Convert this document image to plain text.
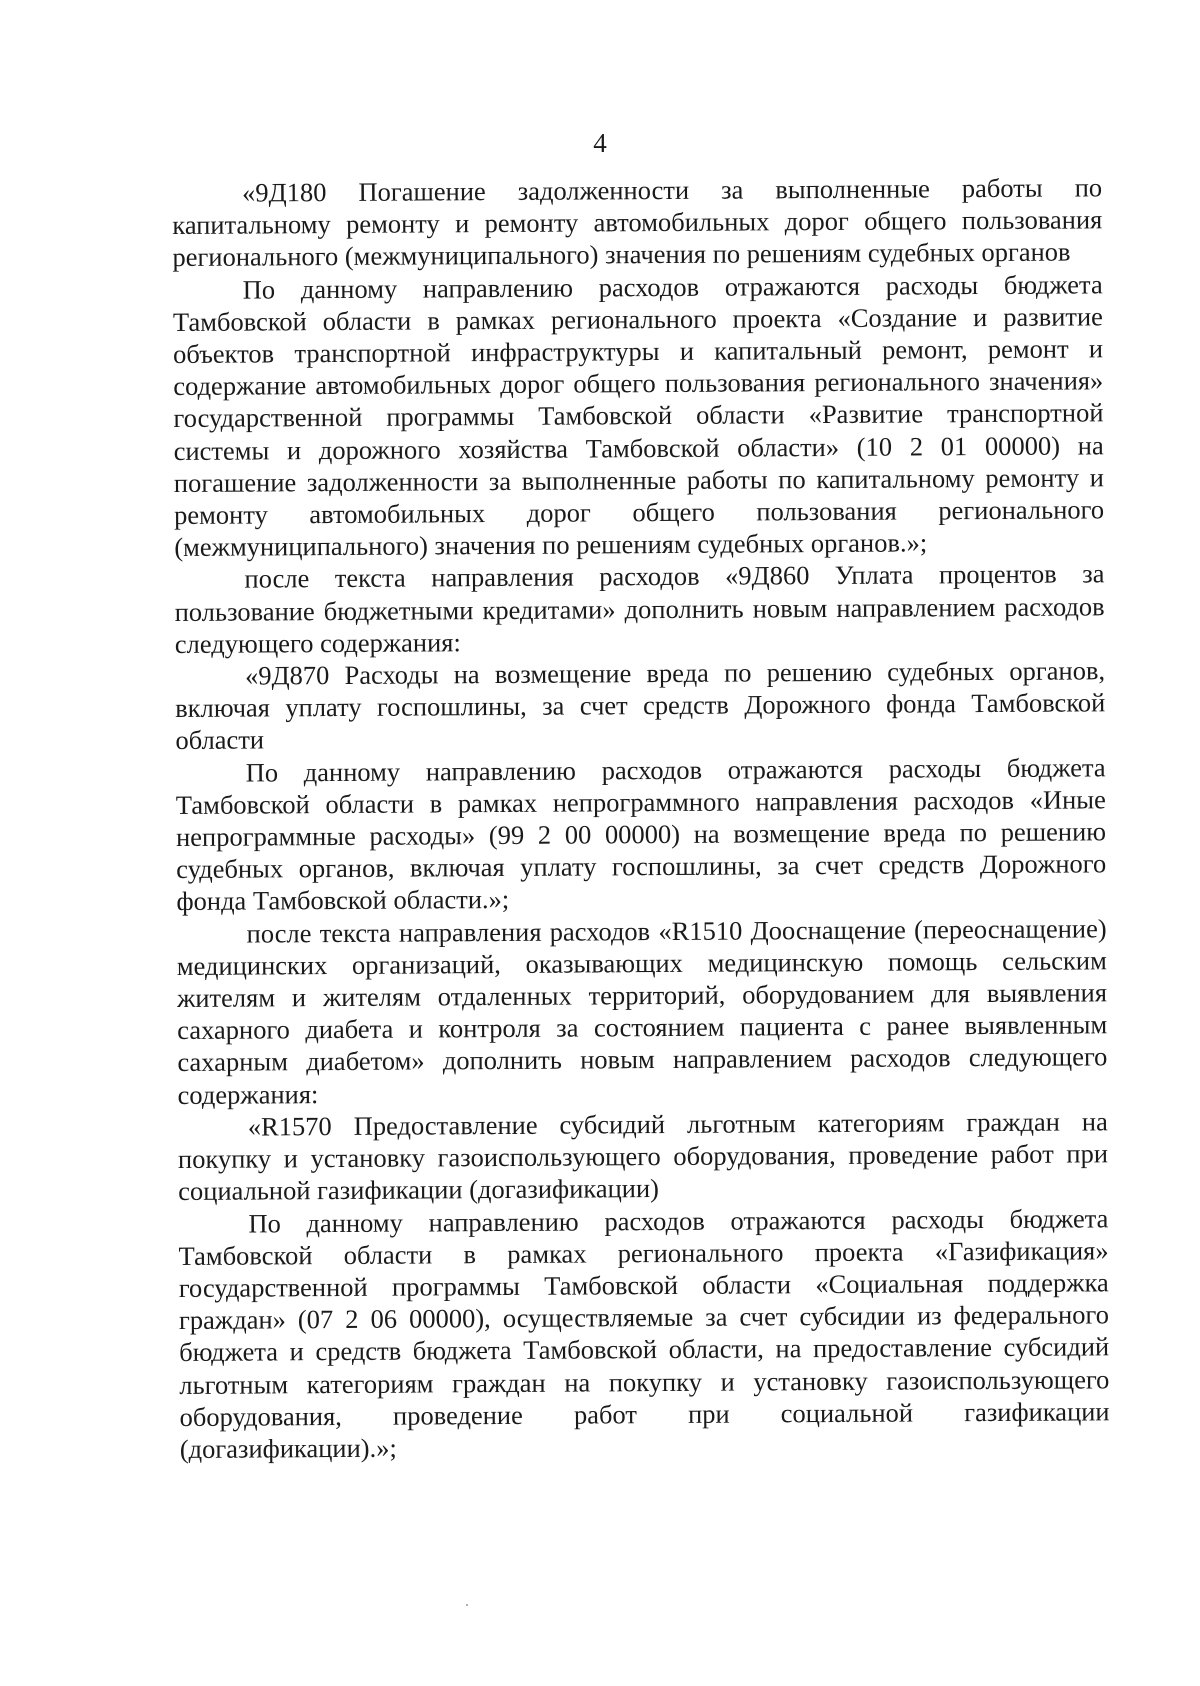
4

«9Д180 Погашение задолженности за выполненные работы по капитальному ремонту и ремонту автомобильных дорог общего пользования регионального (межмуниципального) значения по решениям судебных органов

По данному направлению расходов отражаются расходы бюджета Тамбовской области в рамках регионального проекта «Создание и развитие объектов транспортной инфраструктуры и капитальный ремонт, ремонт и содержание автомобильных дорог общего пользования регионального значения» государственной программы Тамбовской области «Развитие транспортной системы и дорожного хозяйства Тамбовской области» (10 2 01 00000) на погашение задолженности за выполненные работы по капитальному ремонту и ремонту автомобильных дорог общего пользования регионального (межмуниципального) значения по решениям судебных органов.»;

после текста направления расходов «9Д860 Уплата процентов за пользование бюджетными кредитами» дополнить новым направлением расходов следующего содержания:

«9Д870 Расходы на возмещение вреда по решению судебных органов, включая уплату госпошлины, за счет средств Дорожного фонда Тамбовской области

По данному направлению расходов отражаются расходы бюджета Тамбовской области в рамках непрограммного направления расходов «Иные непрограммные расходы» (99 2 00 00000) на возмещение вреда по решению судебных органов, включая уплату госпошлины, за счет средств Дорожного фонда Тамбовской области.»;

после текста направления расходов «R1510 Дооснащение (переоснащение) медицинских организаций, оказывающих медицинскую помощь сельским жителям и жителям отдаленных территорий, оборудованием для выявления сахарного диабета и контроля за состоянием пациента с ранее выявленным сахарным диабетом» дополнить новым направлением расходов следующего содержания:

«R1570 Предоставление субсидий льготным категориям граждан на покупку и установку газоиспользующего оборудования, проведение работ при социальной газификации (догазификации)

По данному направлению расходов отражаются расходы бюджета Тамбовской области в рамках регионального проекта «Газификация» государственной программы Тамбовской области «Социальная поддержка граждан» (07 2 06 00000), осуществляемые за счет субсидии из федерального бюджета и средств бюджета Тамбовской области, на предоставление субсидий льготным категориям граждан на покупку и установку газоиспользующего оборудования, проведение работ при социальной газификации (догазификации).»;
